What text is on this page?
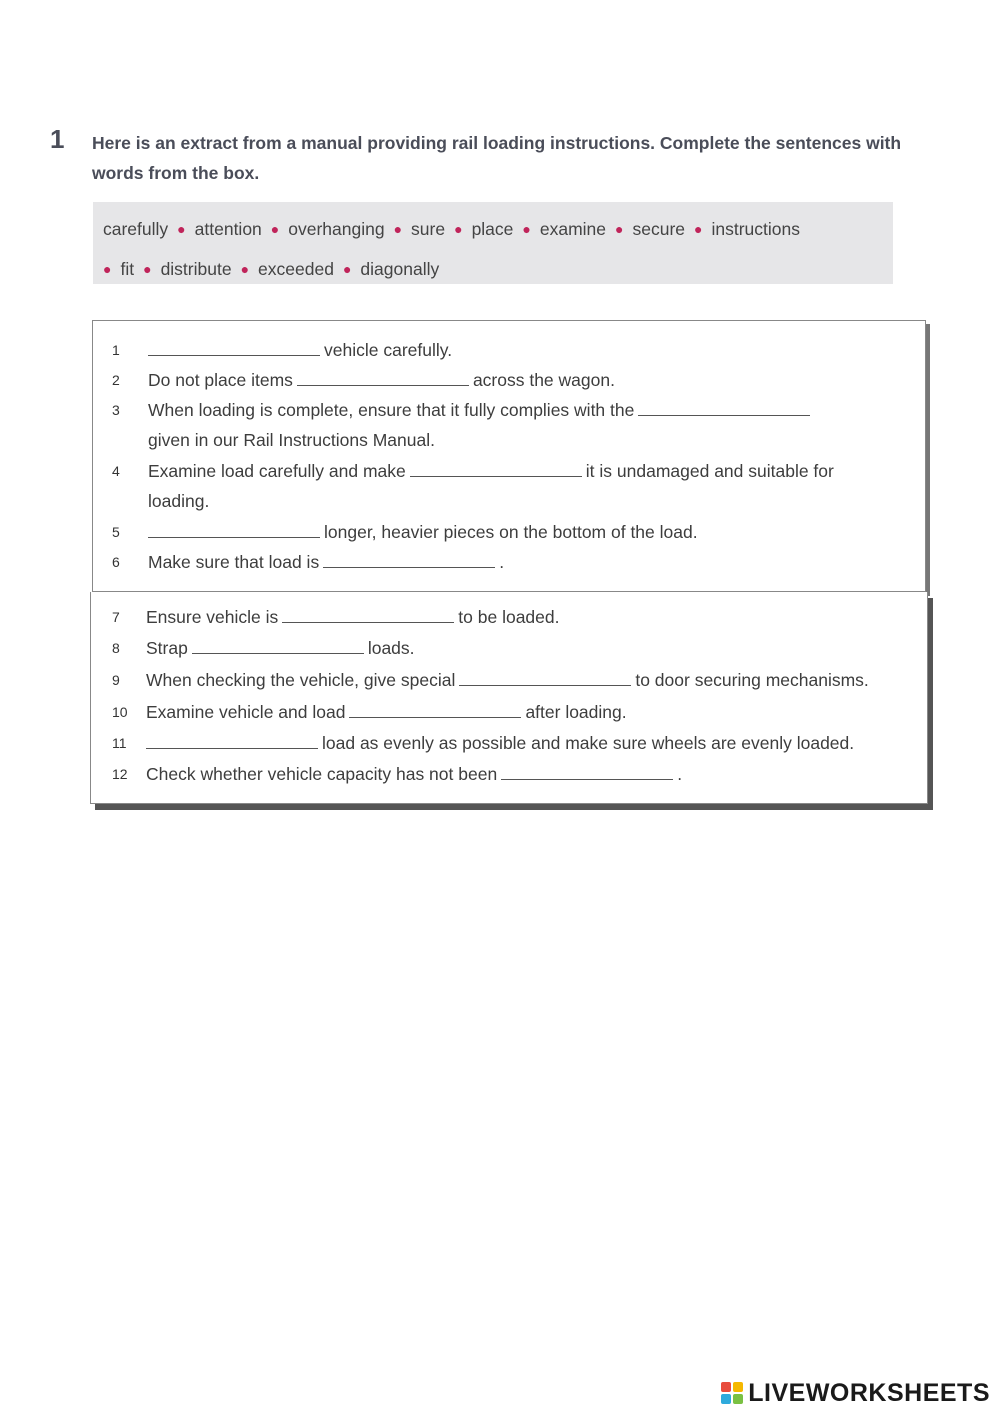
1 Here is an extract from a manual providing rail loading instructions. Complete the sentences with words from the box.
carefully ● attention ● overhanging ● sure ● place ● examine ● secure ● instructions
● fit ● distribute ● exceeded ● diagonally
1	vehicle carefully.
2	Do not place items	across the wagon.
3	When loading is complete, ensure that it fully complies with the
given in our Rail Instructions Manual.
4	Examine load carefully and make	it is undamaged and suitable for
loading.
5	longer, heavier pieces on the bottom of the load.
6	Make sure that load is	.
7	Ensure vehicle is	to be loaded.
8	Strap	loads.
9	When checking the vehicle, give special	to door securing mechanisms.
10	Examine vehicle and load	after loading.
11	load as evenly as possible and make sure wheels are evenly loaded.
12	Check whether vehicle capacity has not been	.
LIVEWORKSHEETS
